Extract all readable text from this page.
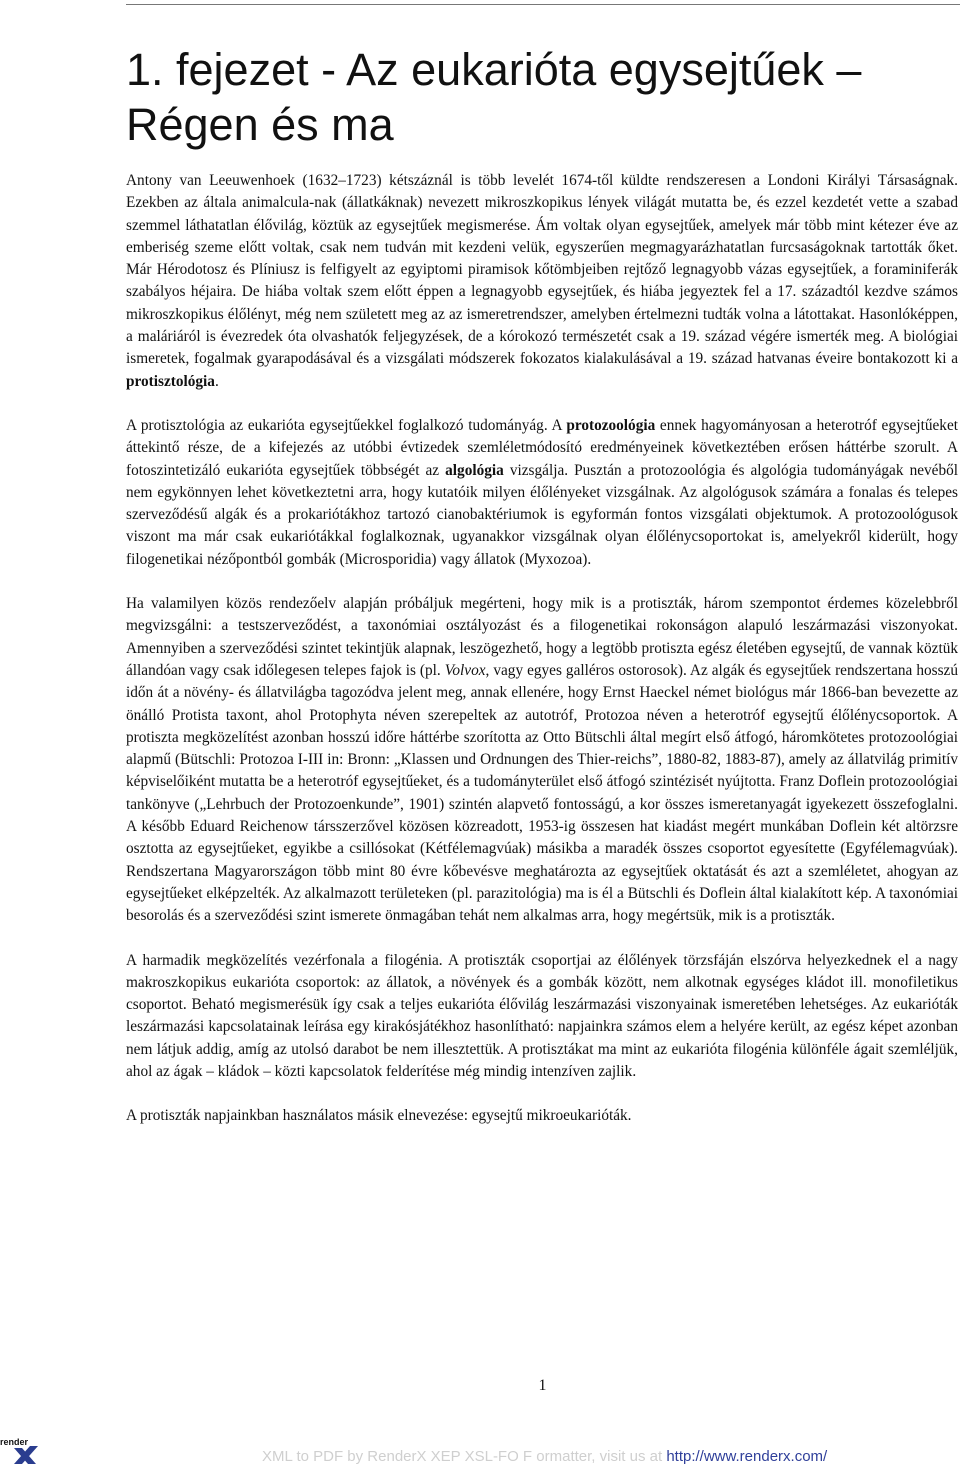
1. fejezet - Az eukarióta egysejtűek –
Régen és ma

Antony van Leeuwenhoek (1632–1723) kétszáznál is több levelét 1674-től küldte rendszeresen a Londoni Királyi Társaságnak. Ezekben az általa animalcula-nak (állatkáknak) nevezett mikroszkopikus lények világát mutatta be, és ezzel kezdetét vette a szabad szemmel láthatatlan élővilág, köztük az egysejtűek megismerése. Ám voltak olyan egysejtűek, amelyek már több mint kétezer éve az emberiség szeme előtt voltak, csak nem tudván mit kezdeni velük, egyszerűen megmagyarázhatatlan furcsaságoknak tartották őket. Már Hérodotosz és Plíniusz is felfigyelt az egyiptomi piramisok kőtömbjeiben rejtőző legnagyobb vázas egysejtűek, a foraminiferák szabályos héjaira. De hiába voltak szem előtt éppen a legnagyobb egysejtűek, és hiába jegyeztek fel a 17. századtól kezdve számos mikroszkopikus élőlényt, még nem született meg az az ismeretrendszer, amelyben értelmezni tudták volna a látottakat. Hasonlóképpen, a maláriáról is évezredek óta olvashatók feljegyzések, de a kórokozó természetét csak a 19. század végére ismerték meg. A biológiai ismeretek, fogalmak gyarapodásával és a vizsgálati módszerek fokozatos kialakulásával a 19. század hatvanas éveire bontakozott ki a protisztológia.

A protisztológia az eukarióta egysejtűekkel foglalkozó tudományág. A protozoológia ennek hagyományosan a heterotróf egysejtűeket áttekintő része, de a kifejezés az utóbbi évtizedek szemléletmódosító eredményeinek következtében erősen háttérbe szorult. A fotoszintetizáló eukarióta egysejtűek többségét az algológia vizsgálja. Pusztán a protozoológia és algológia tudományágak nevéből nem egykönnyen lehet következtetni arra, hogy kutatóik milyen élőlényeket vizsgálnak. Az algológusok számára a fonalas és telepes szerveződésű algák és a prokariótákhoz tartozó cianobaktériumok is egyformán fontos vizsgálati objektumok. A protozoológusok viszont ma már csak eukariótákkal foglalkoznak, ugyanakkor vizsgálnak olyan élőlénycsoportokat is, amelyekről kiderült, hogy filogenetikai nézőpontból gombák (Microsporidia) vagy állatok (Myxozoa).

Ha valamilyen közös rendezőelv alapján próbáljuk megérteni, hogy mik is a protiszták, három szempontot érdemes közelebbről megvizsgálni: a testszerveződést, a taxonómiai osztályozást és a filogenetikai rokonságon alapuló leszármazási viszonyokat. Amennyiben a szerveződési szintet tekintjük alapnak, leszögezhető, hogy a legtöbb protiszta egész életében egysejtű, de vannak köztük állandóan vagy csak időlegesen telepes fajok is (pl. Volvox, vagy egyes galléros ostorosok). Az algák és egysejtűek rendszertana hosszú időn át a növény- és állatvilágba tagozódva jelent meg, annak ellenére, hogy Ernst Haeckel német biológus már 1866-ban bevezette az önálló Protista taxont, ahol Protophyta néven szerepeltek az autotróf, Protozoa néven a heterotróf egysejtű élőlénycsoportok. A protiszta megközelítést azonban hosszú időre háttérbe szorította az Otto Bütschli által megírt első átfogó, háromkötetes protozoológiai alapmű (Bütschli: Protozoa I-III in: Bronn: „Klassen und Ordnungen des Thier-reichs”, 1880-82, 1883-87), amely az állatvilág primitív képviselőiként mutatta be a heterotróf egysejtűeket, és a tudományterület első átfogó szintézisét nyújtotta. Franz Doflein protozoológiai tankönyve („Lehrbuch der Protozoenkunde”, 1901) szintén alapvető fontosságú, a kor összes ismeretanyagát igyekezett összefoglalni. A később Eduard Reichenow társszerzővel közösen közreadott, 1953-ig összesen hat kiadást megért munkában Doflein két altörzsre osztotta az egysejtűeket, egyikbe a csillósokat (Kétfélemagvúak) másikba a maradék összes csoportot egyesítette (Egyfélemagvúak). Rendszertana Magyarországon több mint 80 évre kőbevésve meghatározta az egysejtűek oktatását és azt a szemléletet, ahogyan az egysejtűeket elképzelték. Az alkalmazott területeken (pl. parazitológia) ma is él a Bütschli és Doflein által kialakított kép. A taxonómiai besorolás és a szerveződési szint ismerete önmagában tehát nem alkalmas arra, hogy megértsük, mik is a protiszták.

A harmadik megközelítés vezérfonala a filogénia. A protiszták csoportjai az élőlények törzsfáján elszórva helyezkednek el a nagy makroszkopikus eukarióta csoportok: az állatok, a növények és a gombák között, nem alkotnak egységes kládot ill. monofiletikus csoportot. Beható megismerésük így csak a teljes eukarióta élővilág leszármazási viszonyainak ismeretében lehetséges. Az eukarióták leszármazási kapcsolatainak leírása egy kirakósjátékhoz hasonlítható: napjainkra számos elem a helyére került, az egész képet azonban nem látjuk addig, amíg az utolsó darabot be nem illesztettük. A protisztákat ma mint az eukarióta filogénia különféle ágait szemléljük, ahol az ágak – kládok – közti kapcsolatok felderítése még mindig intenzíven zajlik.

A protiszták napjainkban használatos másik elnevezése: egysejtű mikroeukarióták.

1
render
XML to PDF by RenderX XEP XSL-FO F ormatter, visit us at http://www.renderx.com/
